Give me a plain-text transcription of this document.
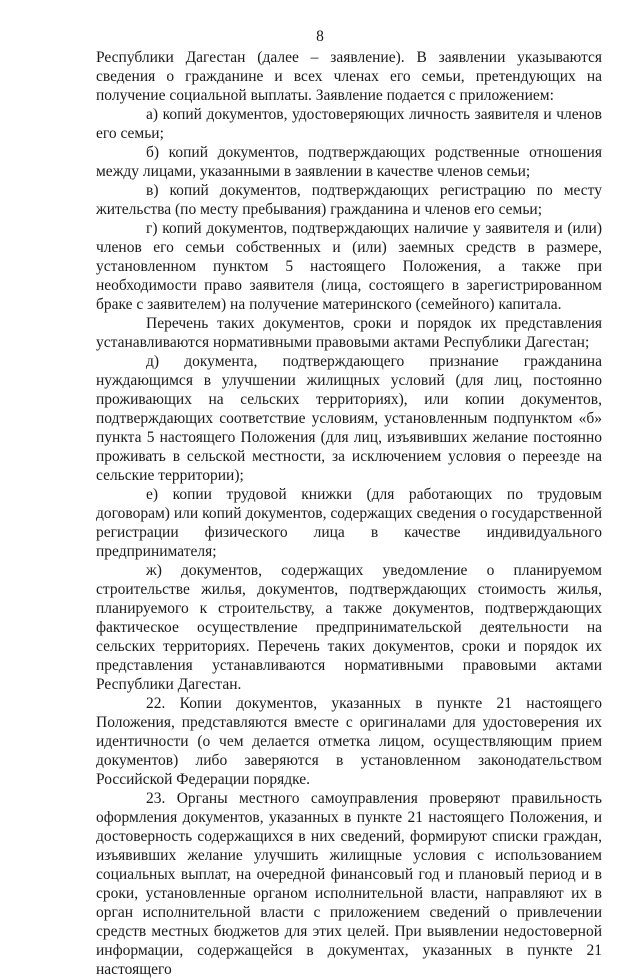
8

Республики Дагестан (далее – заявление). В заявлении указываются сведения о гражданине и всех членах его семьи, претендующих на получение социальной выплаты. Заявление подается с приложением:

а) копий документов, удостоверяющих личность заявителя и членов его семьи;

б) копий документов, подтверждающих родственные отношения между лицами, указанными в заявлении в качестве членов семьи;

в) копий документов, подтверждающих регистрацию по месту жительства (по месту пребывания) гражданина и членов его семьи;

г) копий документов, подтверждающих наличие у заявителя и (или) членов его семьи собственных и (или) заемных средств в размере, установленном пунктом 5 настоящего Положения, а также при необходимости право заявителя (лица, состоящего в зарегистрированном браке с заявителем) на получение материнского (семейного) капитала.

Перечень таких документов, сроки и порядок их представления устанавливаются нормативными правовыми актами Республики Дагестан;

д) документа, подтверждающего признание гражданина нуждающимся в улучшении жилищных условий (для лиц, постоянно проживающих на сельских территориях), или копии документов, подтверждающих соответствие условиям, установленным подпунктом «б» пункта 5 настоящего Положения (для лиц, изъявивших желание постоянно проживать в сельской местности, за исключением условия о переезде на сельские территории);

е) копии трудовой книжки (для работающих по трудовым договорам) или копий документов, содержащих сведения о государственной регистрации физического лица в качестве индивидуального предпринимателя;

ж) документов, содержащих уведомление о планируемом строительстве жилья, документов, подтверждающих стоимость жилья, планируемого к строительству, а также документов, подтверждающих фактическое осуществление предпринимательской деятельности на сельских территориях. Перечень таких документов, сроки и порядок их представления устанавливаются нормативными правовыми актами Республики Дагестан.

22. Копии документов, указанных в пункте 21 настоящего Положения, представляются вместе с оригиналами для удостоверения их идентичности (о чем делается отметка лицом, осуществляющим прием документов) либо заверяются в установленном законодательством Российской Федерации порядке.

23. Органы местного самоуправления проверяют правильность оформления документов, указанных в пункте 21 настоящего Положения, и достоверность содержащихся в них сведений, формируют списки граждан, изъявивших желание улучшить жилищные условия с использованием социальных выплат, на очередной финансовый год и плановый период и в сроки, установленные органом исполнительной власти, направляют их в орган исполнительной власти с приложением сведений о привлечении средств местных бюджетов для этих целей. При выявлении недостоверной информации, содержащейся в документах, указанных в пункте 21 настоящего
